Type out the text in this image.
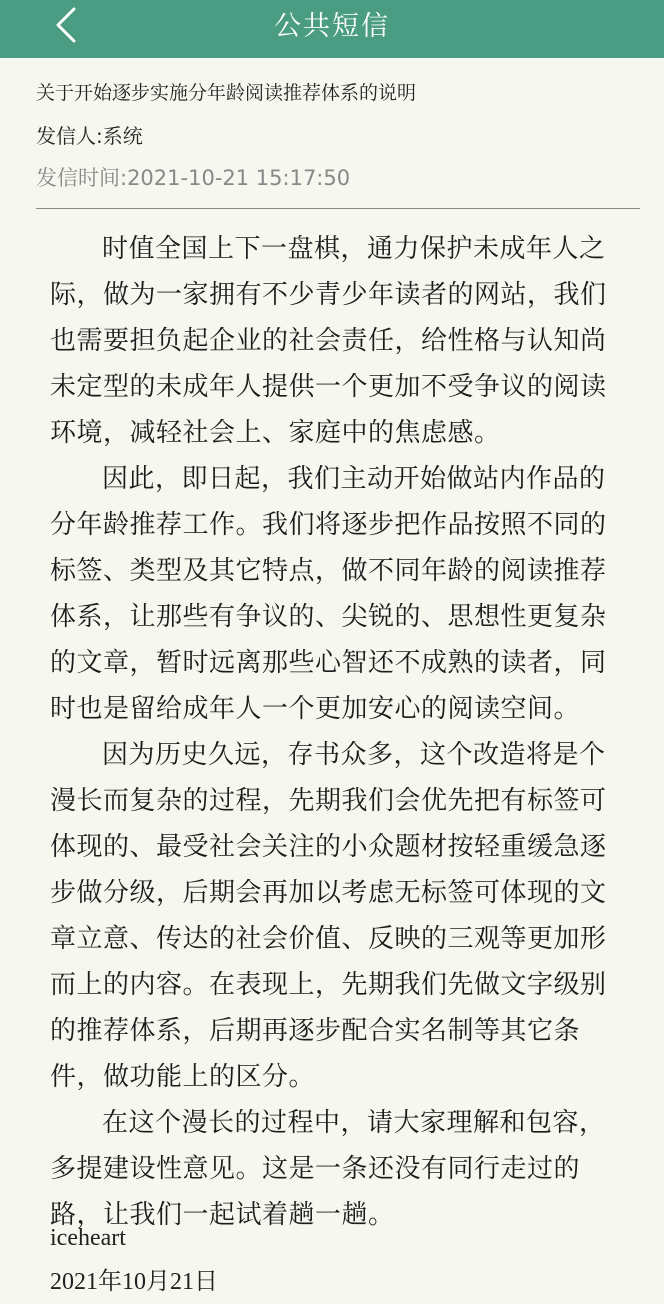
公共短信
关于开始逐步实施分年龄阅读推荐体系的说明
发信人:系统
发信时间:2021-10-21 15:17:50

时值全国上下一盘棋，通力保护未成年人之际，做为一家拥有不少青少年读者的网站，我们也需要担负起企业的社会责任，给性格与认知尚未定型的未成年人提供一个更加不受争议的阅读环境，减轻社会上、家庭中的焦虑感。

因此，即日起，我们主动开始做站内作品的分年龄推荐工作。我们将逐步把作品按照不同的标签、类型及其它特点，做不同年龄的阅读推荐体系，让那些有争议的、尖锐的、思想性更复杂的文章，暂时远离那些心智还不成熟的读者，同时也是留给成年人一个更加安心的阅读空间。

因为历史久远，存书众多，这个改造将是个漫长而复杂的过程，先期我们会优先把有标签可体现的、最受社会关注的小众题材按轻重缓急逐步做分级，后期会再加以考虑无标签可体现的文章立意、传达的社会价值、反映的三观等更加形而上的内容。在表现上，先期我们先做文字级别的推荐体系，后期再逐步配合实名制等其它条件，做功能上的区分。

在这个漫长的过程中，请大家理解和包容，多提建设性意见。这是一条还没有同行走过的路，让我们一起试着趟一趟。

iceheart
2021年10月21日
